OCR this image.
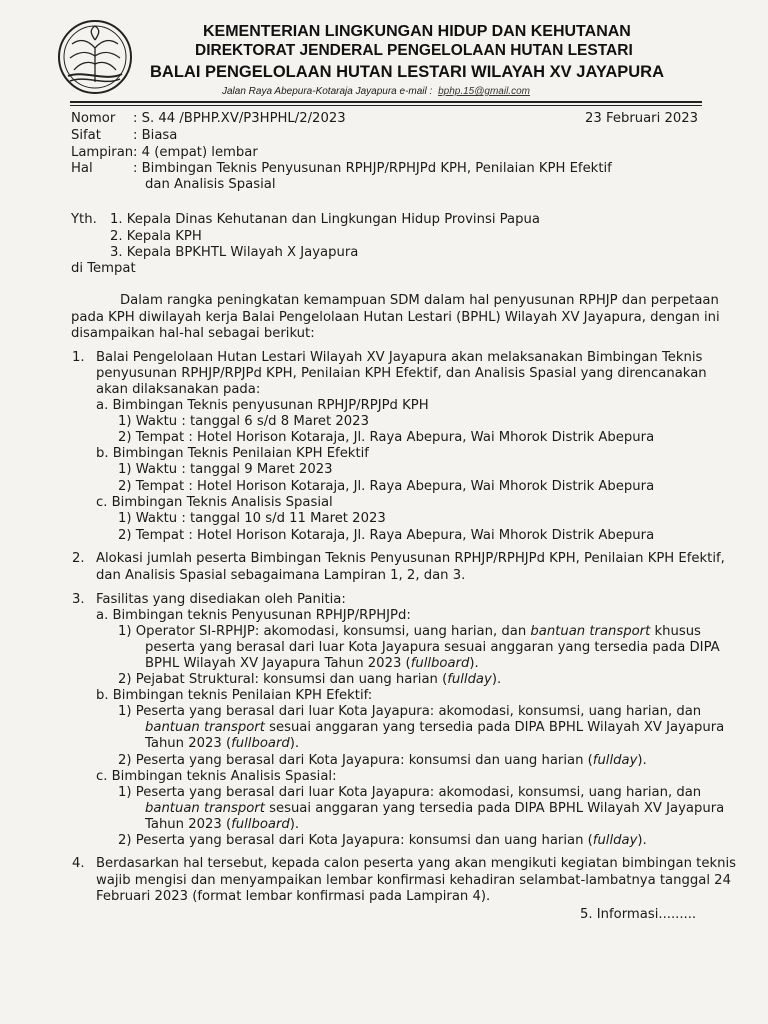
KEMENTERIAN LINGKUNGAN HIDUP DAN KEHUTANAN
DIREKTORAT JENDERAL PENGELOLAAN HUTAN LESTARI
BALAI PENGELOLAAN HUTAN LESTARI WILAYAH XV JAYAPURA
Jalan Raya Abepura-Kotaraja Jayapura e-mail : bphp.15@gmail.com
Nomor : S. 44 /BPHP.XV/P3HPHL/2/2023	23 Februari 2023
Sifat : Biasa
Lampiran : 4 (empat) lembar
Hal	: Bimbingan Teknis Penyusunan RPHJP/RPHJPd KPH, Penilaian KPH Efektif
dan Analisis Spasial
Yth. 1. Kepala Dinas Kehutanan dan Lingkungan Hidup Provinsi Papua
2. Kepala KPH
3. Kepala BPKHTL Wilayah X Jayapura
di Tempat
Dalam rangka peningkatan kemampuan SDM dalam hal penyusunan RPHJP dan perpetaan
pada KPH diwilayah kerja Balai Pengelolaan Hutan Lestari (BPHL) Wilayah XV Jayapura, dengan ini
disampaikan hal-hal sebagai berikut:
1. Balai Pengelolaan Hutan Lestari Wilayah XV Jayapura akan melaksanakan Bimbingan Teknis
penyusunan RPHJP/RPJPd KPH, Penilaian KPH Efektif, dan Analisis Spasial yang direncanakan
akan dilaksanakan pada:
a. Bimbingan Teknis penyusunan RPHJP/RPJPd KPH
1) Waktu : tanggal 6 s/d 8 Maret 2023
2) Tempat : Hotel Horison Kotaraja, Jl. Raya Abepura, Wai Mhorok Distrik Abepura
b. Bimbingan Teknis Penilaian KPH Efektif
1) Waktu : tanggal 9 Maret 2023
2) Tempat : Hotel Horison Kotaraja, Jl. Raya Abepura, Wai Mhorok Distrik Abepura
c. Bimbingan Teknis Analisis Spasial
1) Waktu : tanggal 10 s/d 11 Maret 2023
2) Tempat : Hotel Horison Kotaraja, Jl. Raya Abepura, Wai Mhorok Distrik Abepura
2. Alokasi jumlah peserta Bimbingan Teknis Penyusunan RPHJP/RPHJPd KPH, Penilaian KPH Efektif,
dan Analisis Spasial sebagaimana Lampiran 1, 2, dan 3.
3. Fasilitas yang disediakan oleh Panitia:
a. Bimbingan teknis Penyusunan RPHJP/RPHJPd:
1) Operator SI-RPHJP: akomodasi, konsumsi, uang harian, dan bantuan transport khusus
peserta yang berasal dari luar Kota Jayapura sesuai anggaran yang tersedia pada DIPA
BPHL Wilayah XV Jayapura Tahun 2023 (fullboard).
2) Pejabat Struktural: konsumsi dan uang harian (fullday).
b. Bimbingan teknis Penilaian KPH Efektif:
1) Peserta yang berasal dari luar Kota Jayapura: akomodasi, konsumsi, uang harian, dan
bantuan transport sesuai anggaran yang tersedia pada DIPA BPHL Wilayah XV Jayapura
Tahun 2023 (fullboard).
2) Peserta yang berasal dari Kota Jayapura: konsumsi dan uang harian (fullday).
c. Bimbingan teknis Analisis Spasial:
1) Peserta yang berasal dari luar Kota Jayapura: akomodasi, konsumsi, uang harian, dan
bantuan transport sesuai anggaran yang tersedia pada DIPA BPHL Wilayah XV Jayapura
Tahun 2023 (fullboard).
2) Peserta yang berasal dari Kota Jayapura: konsumsi dan uang harian (fullday).
4. Berdasarkan hal tersebut, kepada calon peserta yang akan mengikuti kegiatan bimbingan teknis
wajib mengisi dan menyampaikan lembar konfirmasi kehadiran selambat-lambatnya tanggal 24
Februari 2023 (format lembar konfirmasi pada Lampiran 4).
5. Informasi.........
